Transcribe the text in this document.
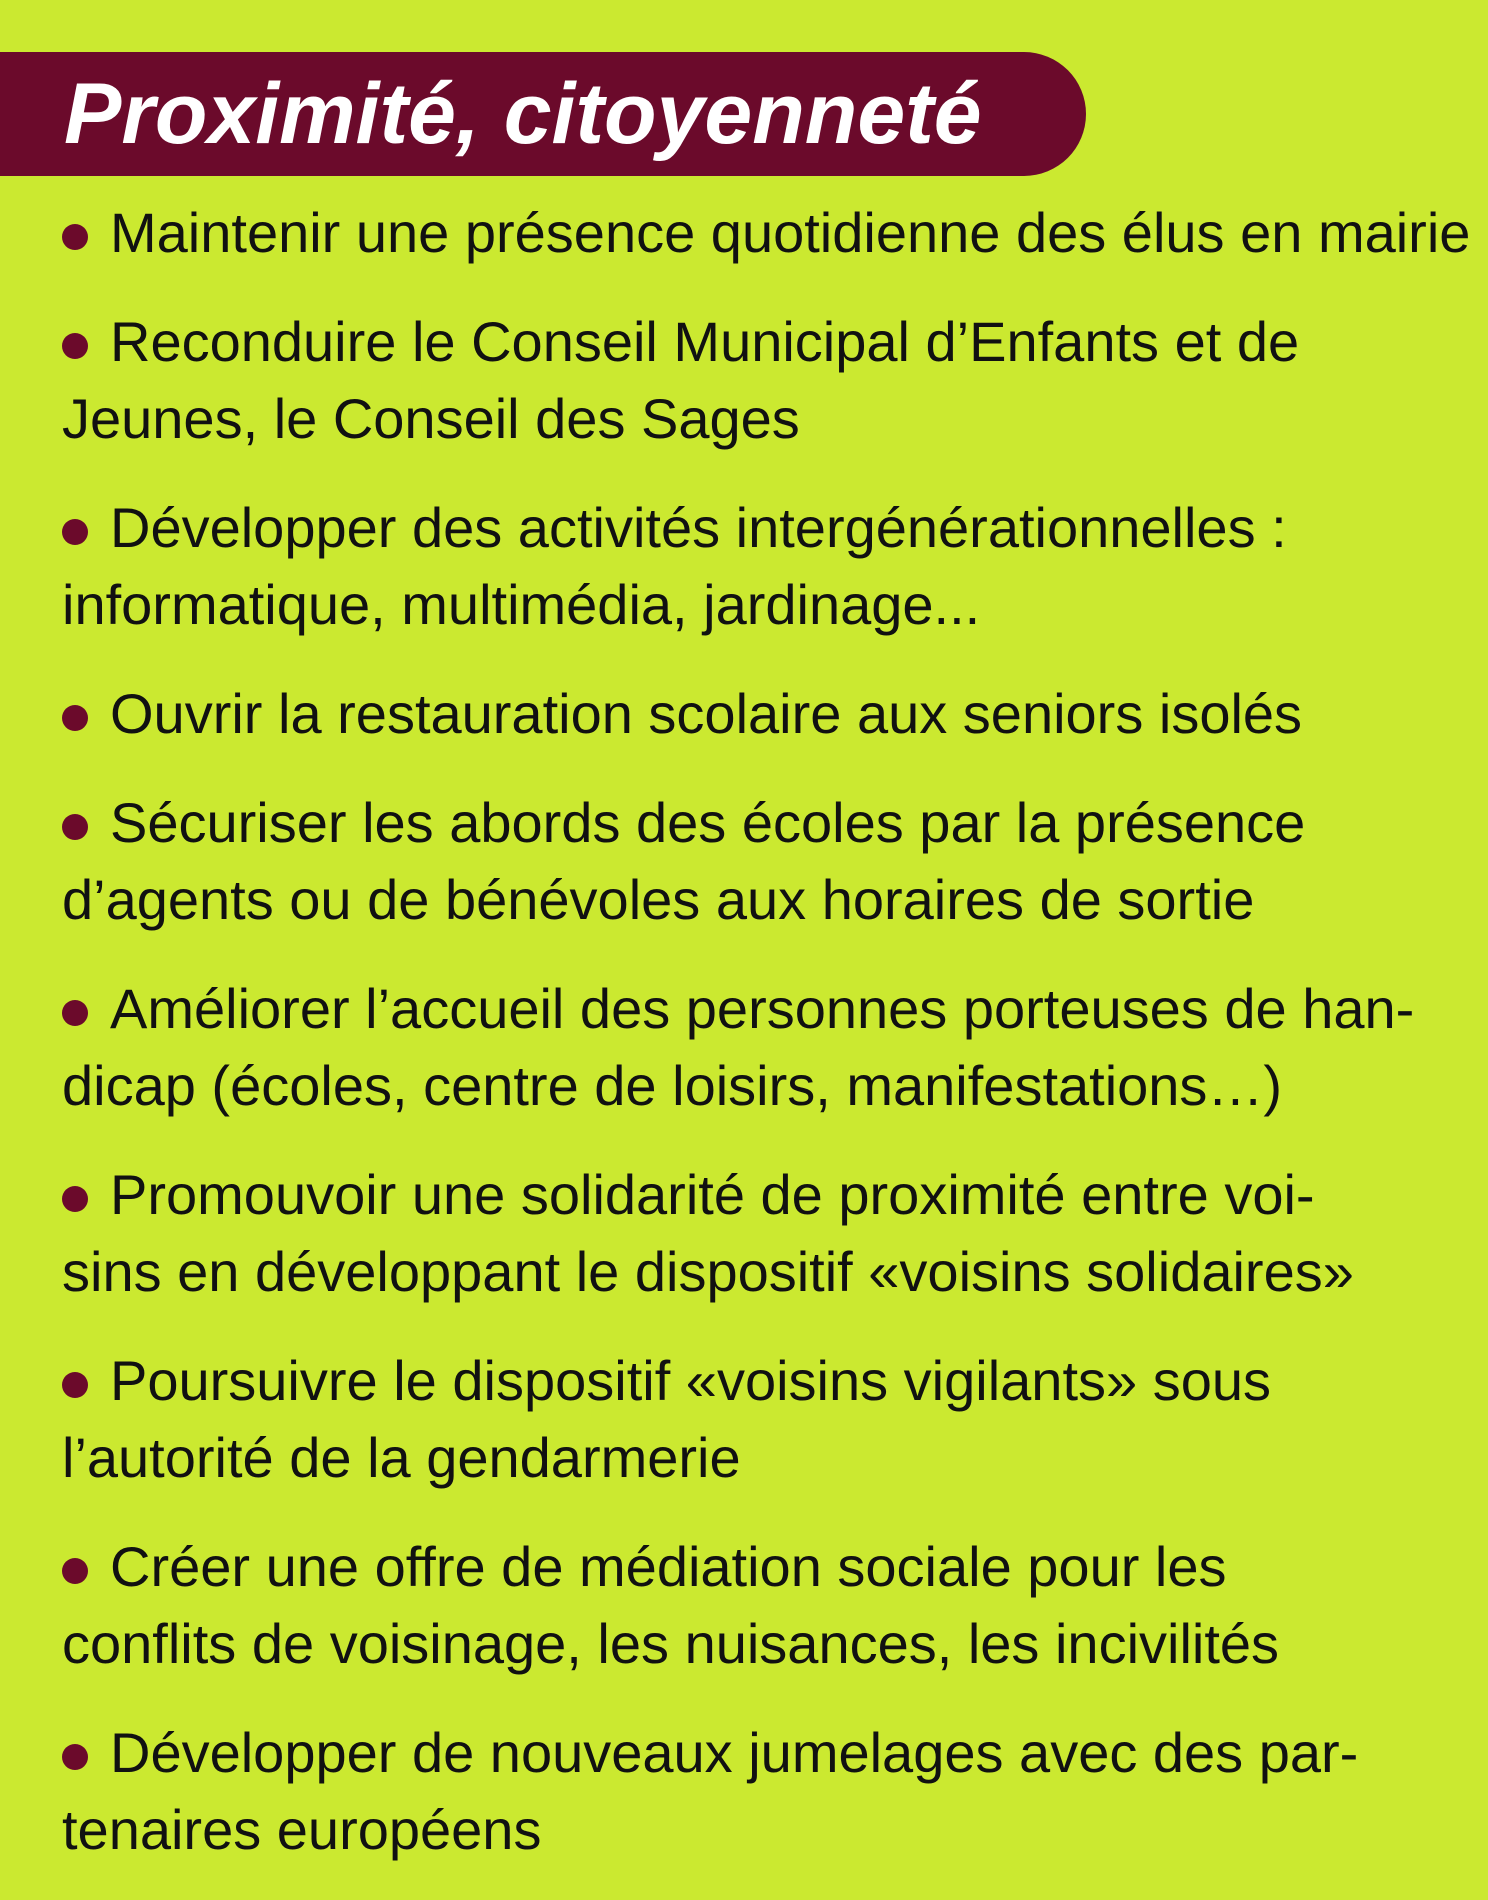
Proximité, citoyenneté
Maintenir une présence quotidienne des élus en mairie
Reconduire le Conseil Municipal d’Enfants et de
Jeunes, le Conseil des Sages
Développer des activités intergénérationnelles :
informatique, multimédia, jardinage...
Ouvrir la restauration scolaire aux seniors isolés
Sécuriser les abords des écoles par la présence
d’agents ou de bénévoles aux horaires de sortie
Améliorer l’accueil des personnes porteuses de han-
dicap (écoles, centre de loisirs, manifestations…)
Promouvoir une solidarité de proximité entre voi-
sins en développant le dispositif «voisins solidaires»
Poursuivre le dispositif «voisins vigilants» sous
l’autorité de la gendarmerie
Créer une offre de médiation sociale pour les
conflits de voisinage, les nuisances, les incivilités
Développer de nouveaux jumelages avec des par-
tenaires européens
